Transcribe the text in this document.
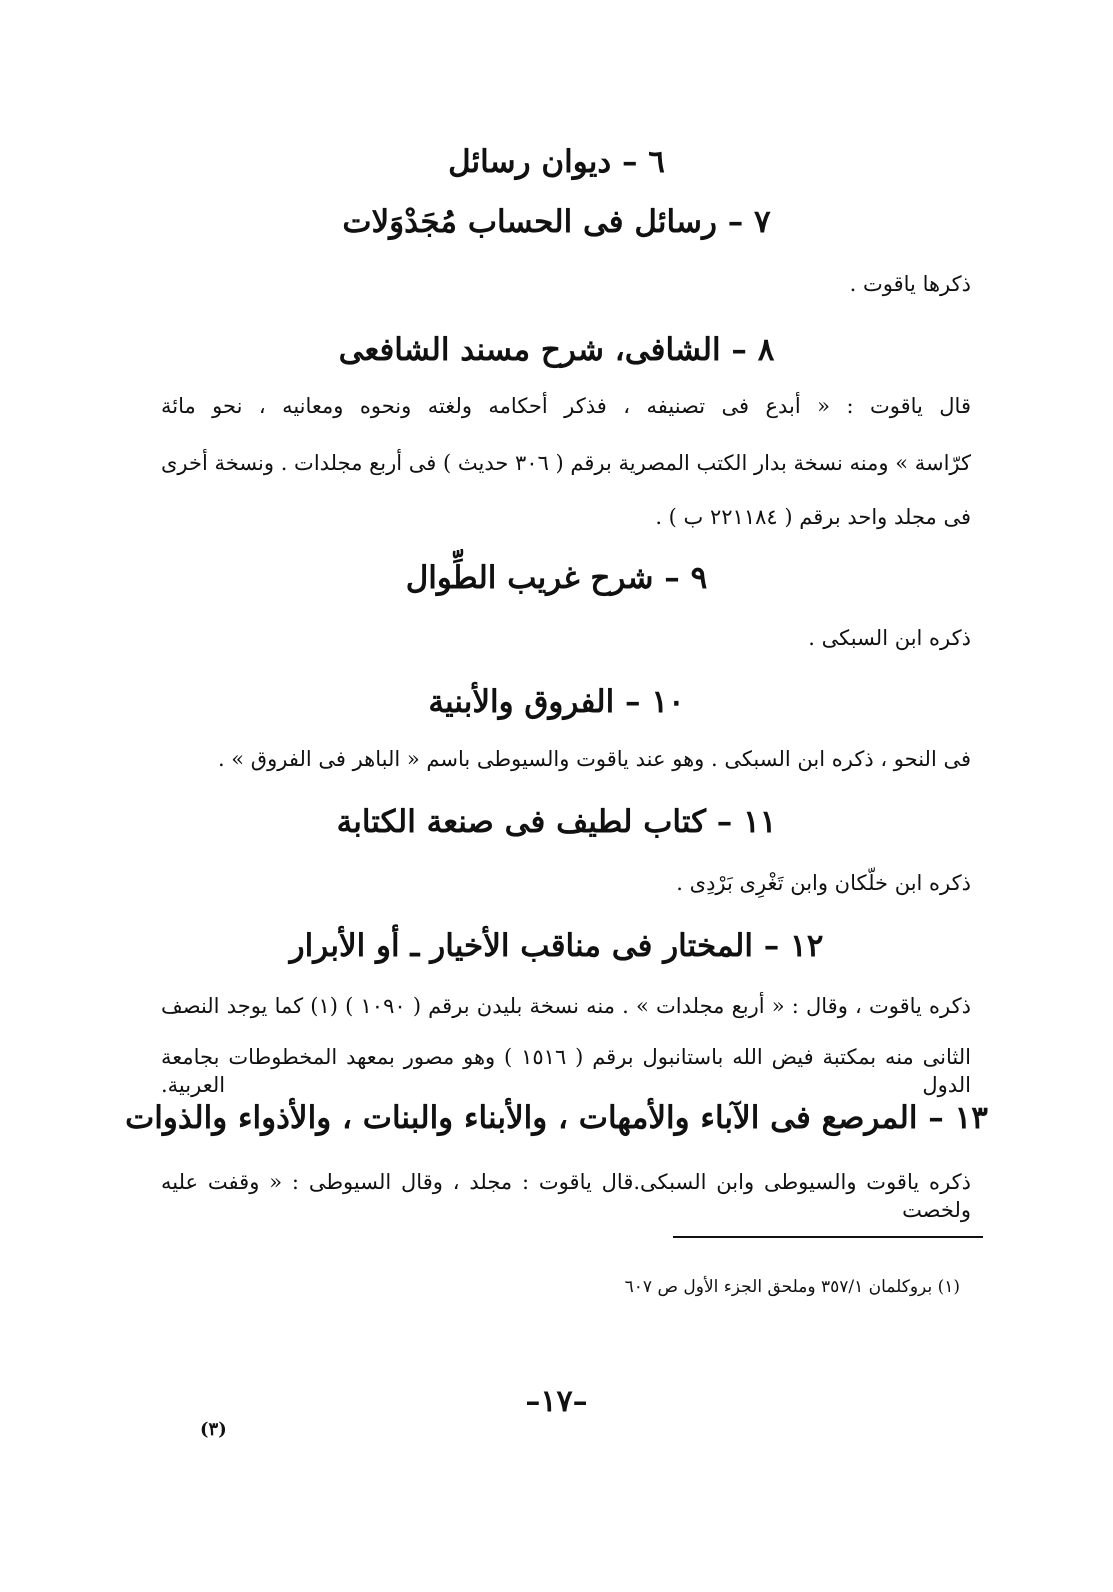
٦ – ديوان رسائل
٧ – رسائل فى الحساب مُجَدْوَلات
ذكرها ياقوت .
٨ – الشافى، شرح مسند الشافعى
قال ياقوت : « أبدع فى تصنيفه ، فذكر أحكامه ولغته ونحوه ومعانيه ، نحو مائة
كرّاسة » ومنه نسخة بدار الكتب المصرية برقم ( ٣٠٦ حديث ) فى أربع مجلدات . ونسخة أخرى
فى مجلد واحد برقم ( ٢٢١١٨٤ ب ) .
٩ – شرح غريب الطِّوال
ذكره ابن السبكى .
١٠ – الفروق والأبنية
فى النحو ، ذكره ابن السبكى . وهو عند ياقوت والسيوطى باسم « الباهر فى الفروق » .
١١ – كتاب لطيف فى صنعة الكتابة
ذكره ابن خلّكان وابن تَغْرِى بَرْدِى .
١٢ – المختار فى مناقب الأخيار ـ أو الأبرار
ذكره ياقوت ، وقال : « أربع مجلدات » . منه نسخة بليدن برقم ( ١٠٩٠ ) (١) كما يوجد النصف
الثانى منه بمكتبة فيض الله باستانبول برقم ( ١٥١٦ ) وهو مصور بمعهد المخطوطات بجامعة الدول العربية.
١٣ – المرصع فى الآباء والأمهات ، والأبناء والبنات ، والأذواء والذوات
ذكره ياقوت والسيوطى وابن السبكى.قال ياقوت : مجلد ، وقال السيوطى : « وقفت عليه ولخصت
(١) بروكلمان ٣٥٧/١ وملحق الجزء الأول ص ٦٠٧
–١٧–
(٣)
